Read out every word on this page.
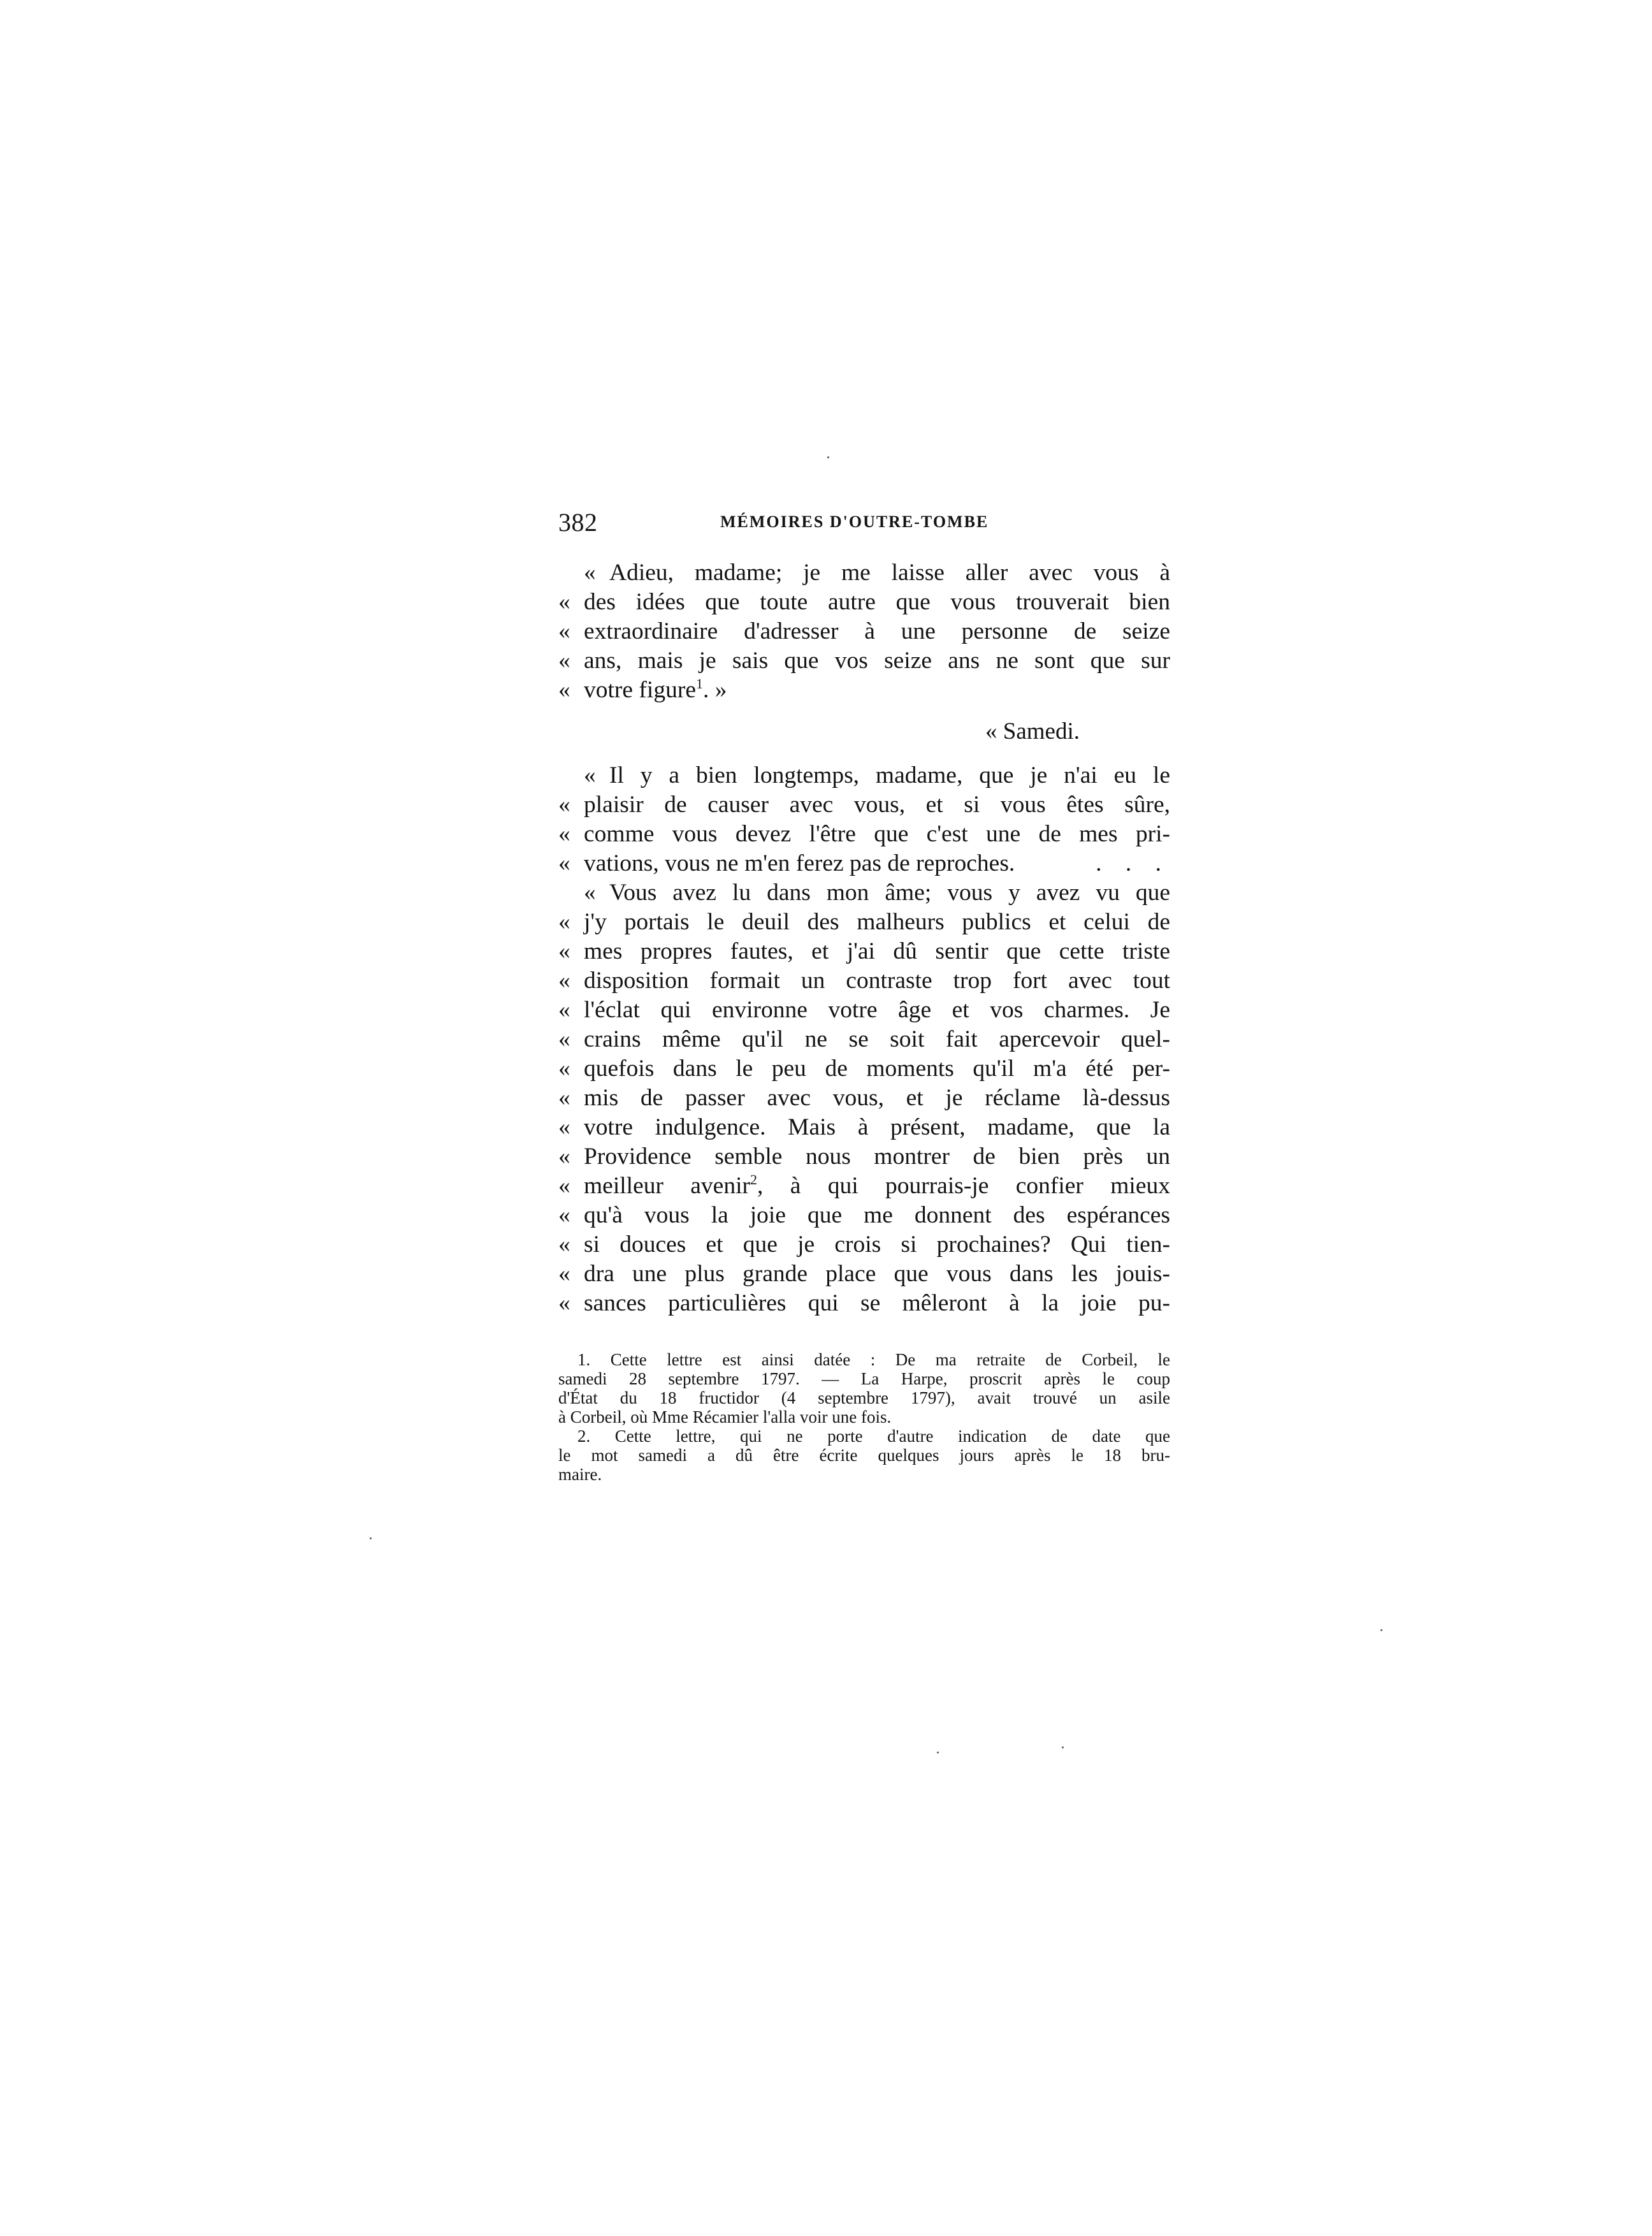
382	MÉMOIRES D'OUTRE-TOMBE
« Adieu, madame; je me laisse aller avec vous à
« des idées que toute autre que vous trouverait bien
« extraordinaire d'adresser à une personne de seize
« ans, mais je sais que vos seize ans ne sont que sur
« votre figure$^1$. »
« Samedi.
« Il y a bien longtemps, madame, que je n'ai eu le
« plaisir de causer avec vous, et si vous êtes sûre,
« comme vous devez l'être que c'est une de mes pri-
« vations, vous ne m'en ferez pas de reproches.	. . .
« Vous avez lu dans mon âme; vous y avez vu que
« j'y portais le deuil des malheurs publics et celui de
« mes propres fautes, et j'ai dû sentir que cette triste
« disposition formait un contraste trop fort avec tout
« l'éclat qui environne votre âge et vos charmes. Je
« crains même qu'il ne se soit fait apercevoir quel-
« quefois dans le peu de moments qu'il m'a été per-
« mis de passer avec vous, et je réclame là-dessus
« votre indulgence. Mais à présent, madame, que la
« Providence semble nous montrer de bien près un
« meilleur avenir$^2$, à qui pourrais-je confier mieux
« qu'à vous la joie que me donnent des espérances
« si douces et que je crois si prochaines? Qui tien-
« dra une plus grande place que vous dans les jouis-
« sances particulières qui se mêleront à la joie pu-
1. Cette lettre est ainsi datée : De ma retraite de Corbeil, le
samedi 28 septembre 1797. — La Harpe, proscrit après le coup
d'État du 18 fructidor (4 septembre 1797), avait trouvé un asile
à Corbeil, où Mme Récamier l'alla voir une fois.
2. Cette lettre, qui ne porte d'autre indication de date que
le mot samedi a dû être écrite quelques jours après le 18 bru-
maire.
